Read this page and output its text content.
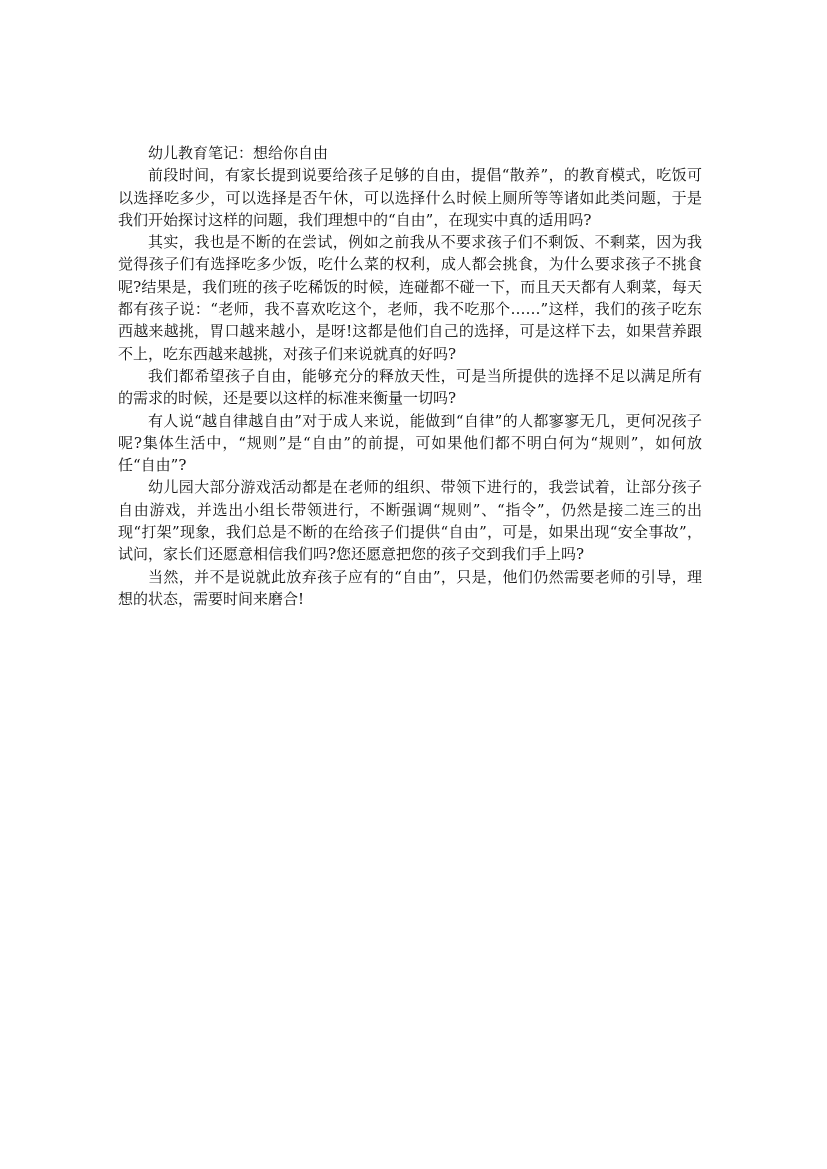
幼儿教育笔记：想给你自由

前段时间，有家长提到说要给孩子足够的自由，提倡“散养”，的教育模式，吃饭可以选择吃多少，可以选择是否午休，可以选择什么时候上厕所等等诸如此类问题，于是我们开始探讨这样的问题，我们理想中的“自由”，在现实中真的适用吗?

其实，我也是不断的在尝试，例如之前我从不要求孩子们不剩饭、不剩菜，因为我觉得孩子们有选择吃多少饭，吃什么菜的权利，成人都会挑食，为什么要求孩子不挑食呢?结果是，我们班的孩子吃稀饭的时候，连碰都不碰一下，而且天天都有人剩菜，每天都有孩子说：“老师，我不喜欢吃这个，老师，我不吃那个……”这样，我们的孩子吃东西越来越挑，胃口越来越小，是呀!这都是他们自己的选择，可是这样下去，如果营养跟不上，吃东西越来越挑，对孩子们来说就真的好吗?

我们都希望孩子自由，能够充分的释放天性，可是当所提供的选择不足以满足所有的需求的时候，还是要以这样的标准来衡量一切吗?

有人说“越自律越自由”对于成人来说，能做到“自律”的人都寥寥无几，更何况孩子呢?集体生活中，“规则”是“自由”的前提，可如果他们都不明白何为“规则”，如何放任“自由”?

幼儿园大部分游戏活动都是在老师的组织、带领下进行的，我尝试着，让部分孩子自由游戏，并选出小组长带领进行，不断强调“规则”、“指令”，仍然是接二连三的出现“打架”现象，我们总是不断的在给孩子们提供“自由”，可是，如果出现“安全事故”，试问，家长们还愿意相信我们吗?您还愿意把您的孩子交到我们手上吗?

当然，并不是说就此放弃孩子应有的“自由”，只是，他们仍然需要老师的引导，理想的状态，需要时间来磨合!
